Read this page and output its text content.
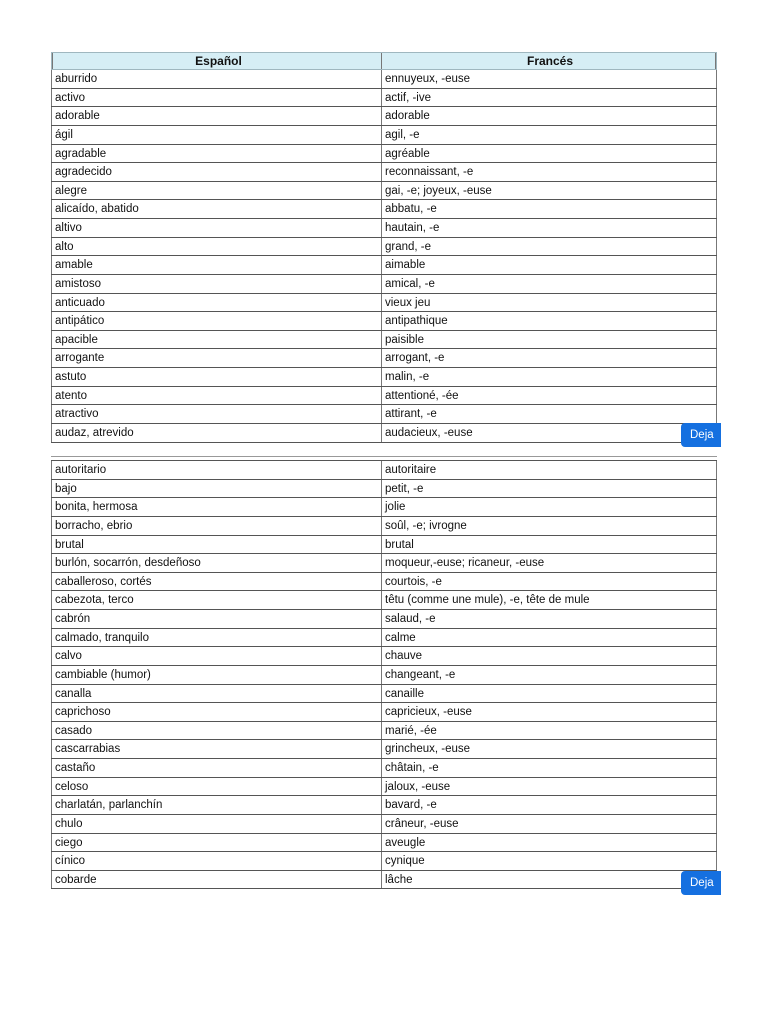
Español	Francés
aburrido	ennuyeux, -euse
activo	actif, -ive
adorable	adorable
ágil	agil, -e
agradable	agréable
agradecido	reconnaissant, -e
alegre	gai, -e; joyeux, -euse
alicaído, abatido	abbatu, -e
altivo	hautain, -e
alto	grand, -e
amable	aimable
amistoso	amical, -e
anticuado	vieux jeu
antipático	antipathique
apacible	paisible
arrogante	arrogant, -e
astuto	malin, -e
atento	attentioné, -ée
atractivo	attirant, -e
audaz, atrevido	audacieux, -euse
autoritario	autoritaire
bajo	petit, -e
bonita, hermosa	jolie
borracho, ebrio	soûl, -e; ivrogne
brutal	brutal
burlón, socarrón, desdeñoso	moqueur,-euse; ricaneur, -euse
caballeroso, cortés	courtois, -e
cabezota, terco	têtu (comme une mule), -e, tête de mule
cabrón	salaud, -e
calmado, tranquilo	calme
calvo	chauve
cambiable (humor)	changeant, -e
canalla	canaille
caprichoso	capricieux, -euse
casado	marié, -ée
cascarrabias	grincheux, -euse
castaño	châtain, -e
celoso	jaloux, -euse
charlatán, parlanchín	bavard, -e
chulo	crâneur, -euse
ciego	aveugle
cínico	cynique
cobarde	lâche
Deja
Deja
